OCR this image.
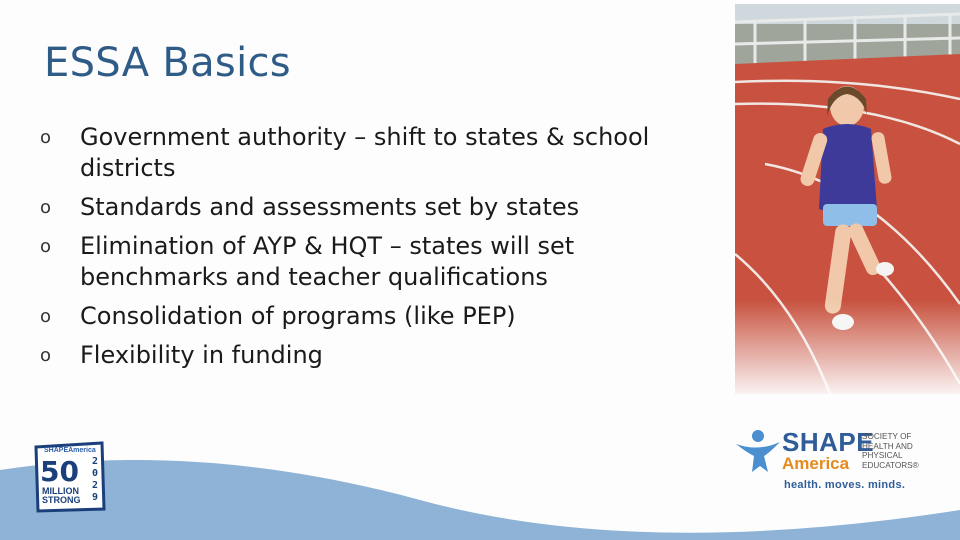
ESSA Basics
o Government authority – shift to states & school districts
o Standards and assessments set by states
o Elimination of AYP & HQT – states will set benchmarks and teacher qualifications
o Consolidation of programs (like PEP)
o Flexibility in funding
SHAPEAmerica
50
MILLION STRONG
2
0
2
9
SHAPE
America
SOCIETY OF HEALTH AND PHYSICAL EDUCATORS®
health. moves. minds.
